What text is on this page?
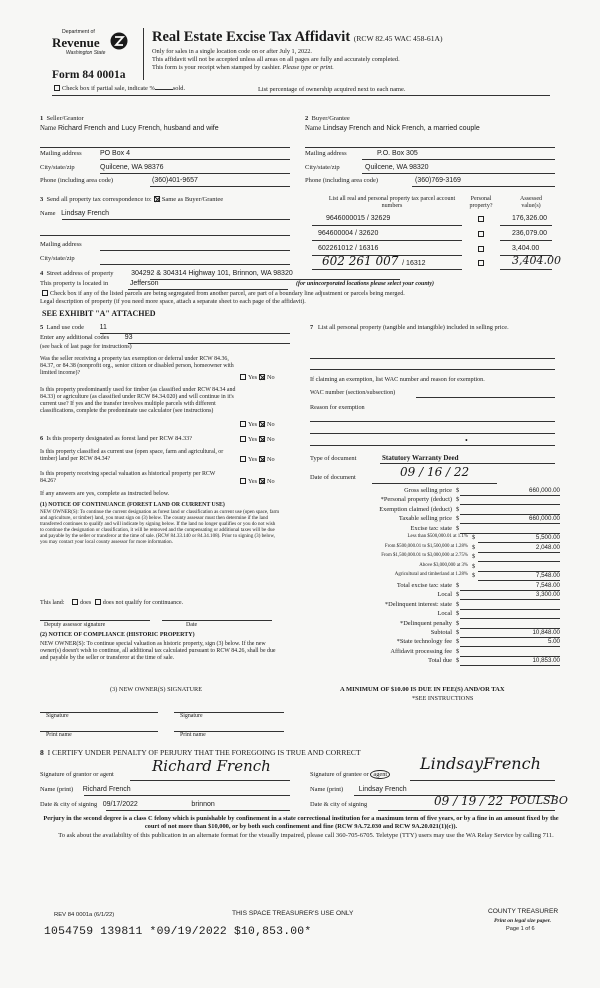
Department of
Revenue
Washington State
Form 84 0001a
Check box if partial sale, indicate %	sold.	List percentage of ownership acquired next to each name.
Real Estate Excise Tax Affidavit (RCW 82.45 WAC 458-61A)
Only for sales in a single location code on or after July 1, 2022.
This affidavit will not be accepted unless all areas on all pages are fully and accurately completed.
This form is your receipt when stamped by cashier. Please type or print.
1 Seller/Grantor
Name Richard French and Lucy French, husband and wife
Mailing address	PO Box 4
City/state/zip	Quilcene, WA 98376
Phone (including area code)	(360)401-9657
2 Buyer/Grantee
Name Lindsay French and Nick French, a married couple
Mailing address	P.O. Box 305
City/state/zip	Quilcene, WA 98320
Phone (including area code)	(360)769-3169
3 Send all property tax correspondence to: Same as Buyer/Grantee
Name Lindsay French
Mailing address
City/state/zip
List all real and personal property tax parcel account numbers
Personal property?
Assessed value(s)
9646000015 / 32629	176,326.00
964600004 / 32620	236,079.00
602261012 / 16316	3,404.00
602 261 007 / 16312	3,404.00
4 Street address of property	304292 & 304314 Highway 101, Brinnon, WA 98320
This property is located in	Jefferson	(for unincorporated locations please select your county)
Check box if any of the listed parcels are being segregated from another parcel, are part of a boundary line adjustment or parcels being merged.
Legal description of property (if you need more space, attach a separate sheet to each page of the affidavit).
SEE EXHIBIT "A" ATTACHED
5 Land use code 11
Enter any additional codes 93
(see back of last page for instructions)
Was the seller receiving a property tax exemption or deferral under RCW 84.36, 84.37, or 84.38 (nonprofit org., senior citizen or disabled person, homeowner with limited income)?
Yes No
Is this property predominantly used for timber (as classified under RCW 84.34 and 84.33) or agriculture (as classified under RCW 84.34.020) and will continue in it's current use? If yes and the transfer involves multiple parcels with different classifications, complete the predominate use calculator (see instructions)
Yes No
6 Is this property designated as forest land per RCW 84.33?	Yes No
Is this property classified as current use (open space, farm and agricultural, or timber) land per RCW 84.34?	Yes No
Is this property receiving special valuation as historical property per RCW 84.26?	Yes No
If any answers are yes, complete as instructed below.
(1) NOTICE OF CONTINUANCE (FOREST LAND OR CURRENT USE)
NEW OWNER(S): To continue the current designation as forest land or classification as current use (open space, farm and agriculture, or timber) land, you must sign on (3) below. The county assessor must then determine if the land transferred continues to qualify and will indicate by signing below. If the land no longer qualifies or you do not wish to continue the designation or classification, it will be removed and the compensating or additional taxes will be due and payable by the seller or transferor at the time of sale. (RCW 84.33.140 or 84.34.108). Prior to signing (3) below, you may contact your local county assessor for more information.
This land:	does does not qualify for continuance.
Deputy assessor signature	Date
(2) NOTICE OF COMPLIANCE (HISTORIC PROPERTY)
NEW OWNER(S): To continue special valuation as historic property, sign (3) below. If the new owner(s) doesn't wish to continue, all additional tax calculated pursuant to RCW 84.26, shall be due and payable by the seller or transferor at the time of sale.
(3) NEW OWNER(S) SIGNATURE
Signature	Signature
Print name	Print name
7 List all personal property (tangible and intangible) included in selling price.
If claiming an exemption, list WAC number and reason for exemption.
WAC number (section/subsection)
Reason for exemption
•
Type of document	Statutory Warranty Deed
Date of document	09 / 16 / 22
Gross selling price $	660,000.00
*Personal property (deduct) $
Exemption claimed (deduct) $
Taxable selling price $	660,000.00
Excise tax: state $
Less than $500,000.01 at 1.1% $	5,500.00
From $500,000.01 to $1,500,000 at 1.28% $	2,048.00
From $1,500,000.01 to $3,000,000 at 2.75% $
Above $3,000,000 at 3% $
Agricultural and timberland at 1.28% $	7,548.00
Total excise tax: state $	7,548.00
Local $	3,300.00
*Delinquent interest: state $
Local $
*Delinquent penalty $
Subtotal $	10,848.00
*State technology fee $	5.00
Affidavit processing fee $
Total due $	10,853.00
A MINIMUM OF $10.00 IS DUE IN FEE(S) AND/OR TAX
*SEE INSTRUCTIONS
8 I CERTIFY UNDER PENALTY OF PERJURY THAT THE FOREGOING IS TRUE AND CORRECT
Signature of grantor or agent	Richard French
Name (print) Richard French
Date & city of signing 09/17/2022	brinnon
Signature of grantee or agent
LindsayFrench
Name (print) Lindsay French
Date & city of signing	09 / 19 / 22 POULSBO
Perjury in the second degree is a class C felony which is punishable by confinement in a state correctional institution for a maximum term of five years, or by a fine in an amount fixed by the court of not more than $10,000, or by both such confinement and fine (RCW 9A.72.030 and RCW 9A.20.021(1)(c)).
To ask about the availability of this publication in an alternate format for the visually impaired, please call 360-705-6705. Teletype (TTY) users may use the WA Relay Service by calling 711.
REV 84 0001a (6/1/22)	THIS SPACE TREASURER'S USE ONLY	COUNTY TREASURER
Print on legal size paper.
Page 1 of 6
1054759 139811 *09/19/2022 $10,853.00*
